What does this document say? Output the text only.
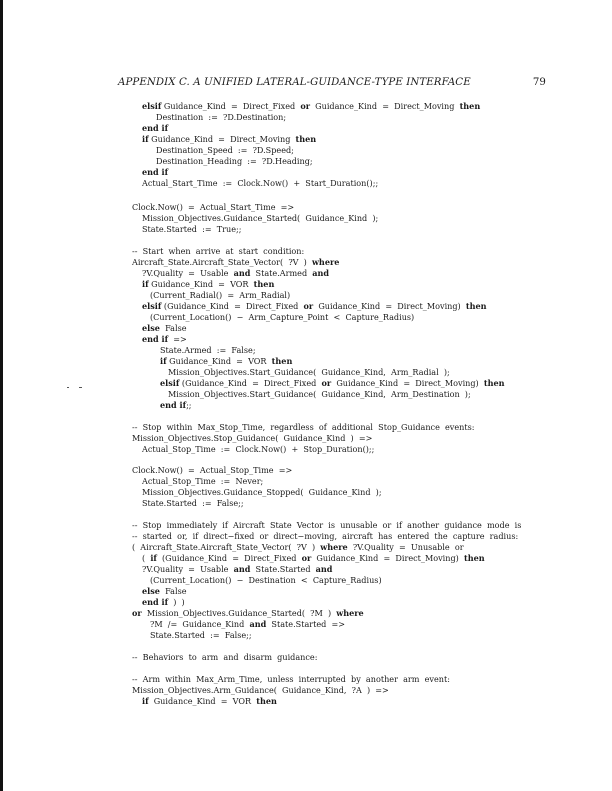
APPENDIX C. A UNIFIED LATERAL-GUIDANCE-TYPE INTERFACE	79
elsif Guidance_Kind  =  Direct_Fixed  or  Guidance_Kind  =  Direct_Moving  then
Destination  :=  ?D.Destination;
end if
if Guidance_Kind  =  Direct_Moving  then
Destination_Speed  :=  ?D.Speed;
Destination_Heading  :=  ?D.Heading;
end if
Actual_Start_Time  :=  Clock.Now()  +  Start_Duration();;
Clock.Now()  =  Actual_Start_Time  =>
Mission_Objectives.Guidance_Started(  Guidance_Kind  );
State.Started  :=  True;;
--  Start  when  arrive  at  start  condition:
Aircraft_State.Aircraft_State_Vector(  ?V  )  where
?V.Quality  =  Usable  and  State.Armed  and
if Guidance_Kind  =  VOR  then
(Current_Radial()  =  Arm_Radial)
elsif (Guidance_Kind  =  Direct_Fixed  or  Guidance_Kind  =  Direct_Moving)  then
(Current_Location()  −  Arm_Capture_Point  <  Capture_Radius)
else  False
end if  =>
State.Armed  :=  False;
if Guidance_Kind  =  VOR  then
Mission_Objectives.Start_Guidance(  Guidance_Kind,  Arm_Radial  );
elsif (Guidance_Kind  =  Direct_Fixed  or  Guidance_Kind  =  Direct_Moving)  then
Mission_Objectives.Start_Guidance(  Guidance_Kind,  Arm_Destination  );
end if;;
--  Stop  within  Max_Stop_Time,  regardless  of  additional  Stop_Guidance  events:
Mission_Objectives.Stop_Guidance(  Guidance_Kind  )  =>
Actual_Stop_Time  :=  Clock.Now()  +  Stop_Duration();;
Clock.Now()  =  Actual_Stop_Time  =>
Actual_Stop_Time  :=  Never;
Mission_Objectives.Guidance_Stopped(  Guidance_Kind  );
State.Started  :=  False;;
--  Stop  immediately  if  Aircraft  State  Vector  is  unusable  or  if  another  guidance  mode  is
--  started  or,  if  direct−fixed  or  direct−moving,  aircraft  has  entered  the  capture  radius:
(  Aircraft_State.Aircraft_State_Vector(  ?V  )  where  ?V.Quality  =  Unusable  or
(  if  (Guidance_Kind  =  Direct_Fixed  or  Guidance_Kind  =  Direct_Moving)  then
?V.Quality  =  Usable  and  State.Started  and
(Current_Location()  −  Destination  <  Capture_Radius)
else  False
end if  )  )
or  Mission_Objectives.Guidance_Started(  ?M  )  where
?M  /=  Guidance_Kind  and  State.Started  =>
State.Started  :=  False;;
--  Behaviors  to  arm  and  disarm  guidance:
--  Arm  within  Max_Arm_Time,  unless  interrupted  by  another  arm  event:
Mission_Objectives.Arm_Guidance(  Guidance_Kind,  ?A  )  =>
if  Guidance_Kind  =  VOR  then
